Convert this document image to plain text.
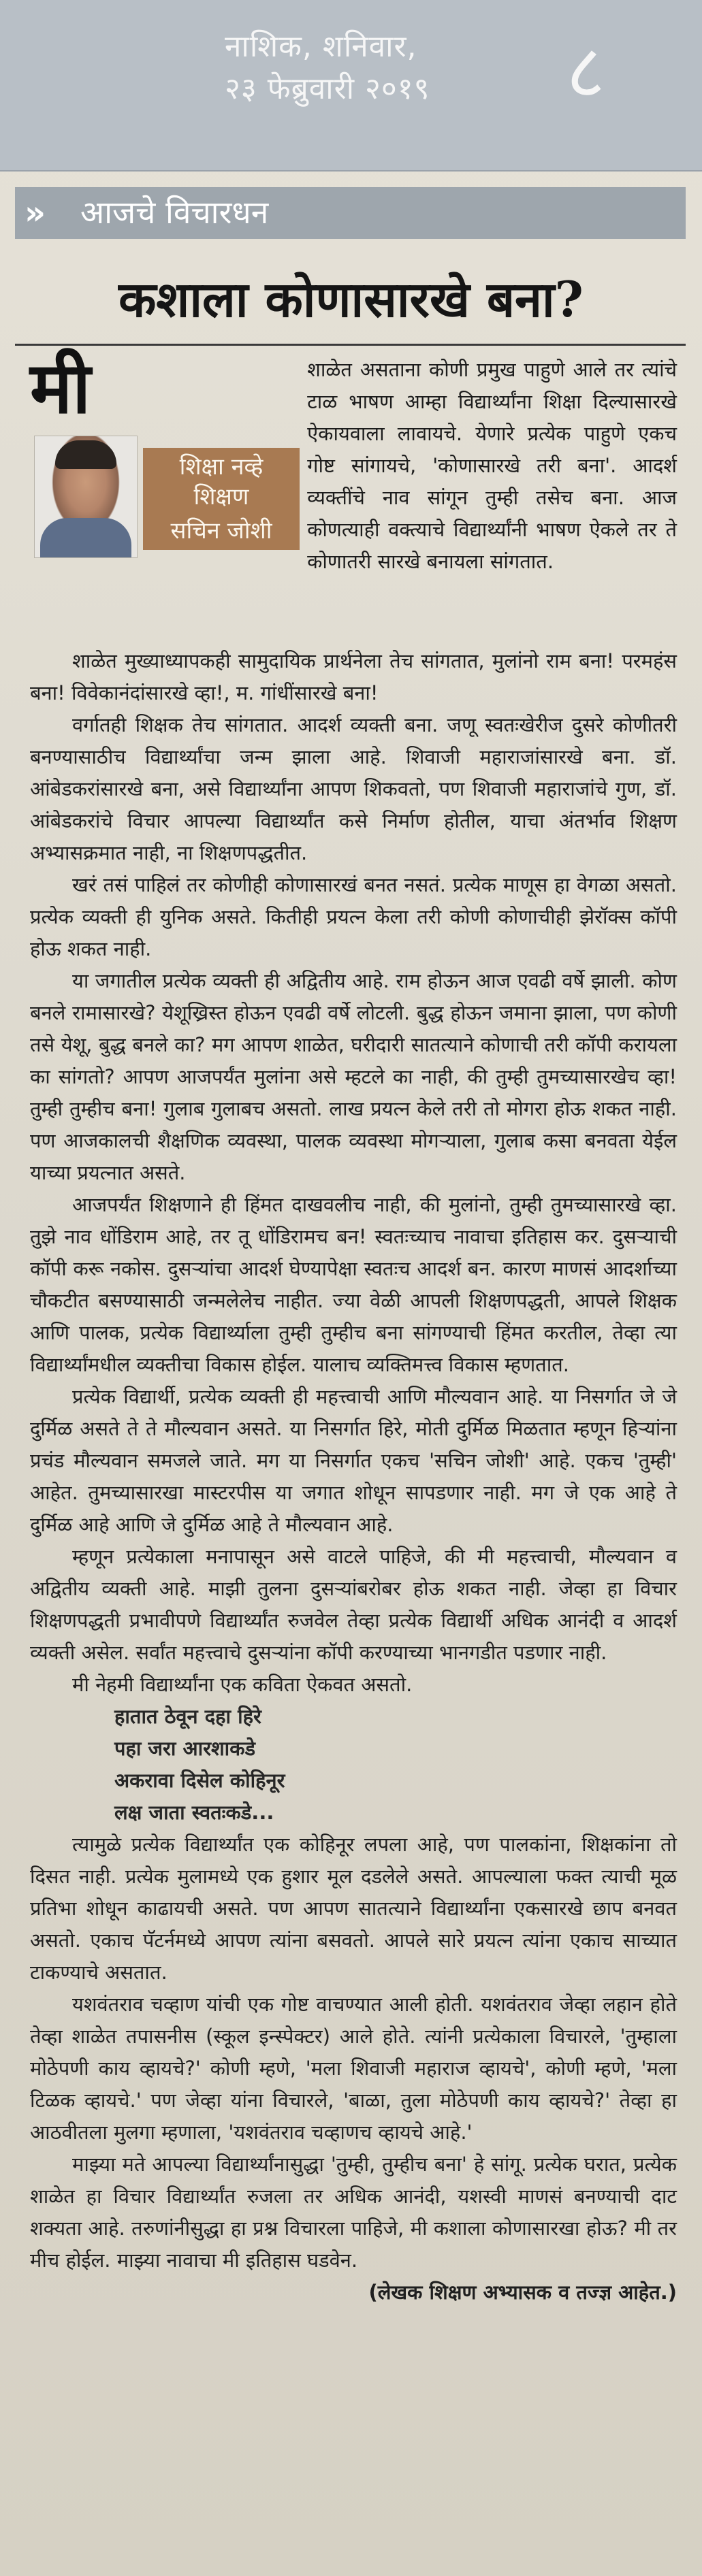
नाशिक, शनिवार,
२३ फेब्रुवारी २०१९	८
» आजचे विचारधन
कशाला कोणासारखे बना?
मी	शाळेत असताना कोणी प्रमुख पाहुणे आले तर त्यांचे टाळ भाषण आम्हा विद्यार्थ्यांना शिक्षा दिल्यासारखे ऐकायवाला लावायचे. येणारे प्रत्येक पाहुणे एकच गोष्ट सांगायचे, 'कोणासारखे तरी बना'. आदर्श व्यक्तींचे नाव सांगून तुम्ही तसेच बना. आज कोणत्याही वक्त्याचे विद्यार्थ्यांनी भाषण ऐकले तर ते कोणातरी सारखे बनायला सांगतात.
शिक्षा नव्हे
शिक्षण
सचिन जोशी

शाळेत मुख्याध्यापकही सामुदायिक प्रार्थनेला तेच सांगतात, मुलांनो राम बना! परमहंस बना! विवेकानंदांसारखे व्हा!, म. गांधींसारखे बना!

वर्गातही शिक्षक तेच सांगतात. आदर्श व्यक्ती बना. जणू स्वतःखेरीज दुसरे कोणीतरी बनण्यासाठीच विद्यार्थ्यांचा जन्म झाला आहे. शिवाजी महाराजांसारखे बना. डॉ. आंबेडकरांसारखे बना, असे विद्यार्थ्यांना आपण शिकवतो, पण शिवाजी महाराजांचे गुण, डॉ. आंबेडकरांचे विचार आपल्या विद्यार्थ्यांत कसे निर्माण होतील, याचा अंतर्भाव शिक्षण अभ्यासक्रमात नाही, ना शिक्षणपद्धतीत.

खरं तसं पाहिलं तर कोणीही कोणासारखं बनत नसतं. प्रत्येक माणूस हा वेगळा असतो. प्रत्येक व्यक्ती ही युनिक असते. कितीही प्रयत्न केला तरी कोणी कोणाचीही झेरॉक्स कॉपी होऊ शकत नाही.

या जगातील प्रत्येक व्यक्ती ही अद्वितीय आहे. राम होऊन आज एवढी वर्षे झाली. कोण बनले रामासारखे? येशूख्रिस्त होऊन एवढी वर्षे लोटली. बुद्ध होऊन जमाना झाला, पण कोणी तसे येशू, बुद्ध बनले का? मग आपण शाळेत, घरीदारी सातत्याने कोणाची तरी कॉपी करायला का सांगतो? आपण आजपर्यंत मुलांना असे म्हटले का नाही, की तुम्ही तुमच्यासारखेच व्हा! तुम्ही तुम्हीच बना! गुलाब गुलाबच असतो. लाख प्रयत्न केले तरी तो मोगरा होऊ शकत नाही. पण आजकालची शैक्षणिक व्यवस्था, पालक व्यवस्था मोगऱ्याला, गुलाब कसा बनवता येईल याच्या प्रयत्नात असते.

आजपर्यंत शिक्षणाने ही हिंमत दाखवलीच नाही, की मुलांनो, तुम्ही तुमच्यासारखे व्हा. तुझे नाव धोंडिराम आहे, तर तू धोंडिरामच बन! स्वतःच्याच नावाचा इतिहास कर. दुसऱ्याची कॉपी करू नकोस. दुसऱ्यांचा आदर्श घेण्यापेक्षा स्वतःच आदर्श बन. कारण माणसं आदर्शाच्या चौकटीत बसण्यासाठी जन्मलेलेच नाहीत. ज्या वेळी आपली शिक्षणपद्धती, आपले शिक्षक आणि पालक, प्रत्येक विद्यार्थ्याला तुम्ही तुम्हीच बना सांगण्याची हिंमत करतील, तेव्हा त्या विद्यार्थ्यांमधील व्यक्तीचा विकास होईल. यालाच व्यक्तिमत्त्व विकास म्हणतात.

प्रत्येक विद्यार्थी, प्रत्येक व्यक्ती ही महत्त्वाची आणि मौल्यवान आहे. या निसर्गात जे जे दुर्मिळ असते ते ते मौल्यवान असते. या निसर्गात हिरे, मोती दुर्मिळ मिळतात म्हणून हिऱ्यांना प्रचंड मौल्यवान समजले जाते. मग या निसर्गात एकच 'सचिन जोशी' आहे. एकच 'तुम्ही' आहेत. तुमच्यासारखा मास्टरपीस या जगात शोधून सापडणार नाही. मग जे एक आहे ते दुर्मिळ आहे आणि जे दुर्मिळ आहे ते मौल्यवान आहे.

म्हणून प्रत्येकाला मनापासून असे वाटले पाहिजे, की मी महत्त्वाची, मौल्यवान व अद्वितीय व्यक्ती आहे. माझी तुलना दुसऱ्यांबरोबर होऊ शकत नाही. जेव्हा हा विचार शिक्षणपद्धती प्रभावीपणे विद्यार्थ्यांत रुजवेल तेव्हा प्रत्येक विद्यार्थी अधिक आनंदी व आदर्श व्यक्ती असेल. सर्वांत महत्त्वाचे दुसऱ्यांना कॉपी करण्याच्या भानगडीत पडणार नाही.

मी नेहमी विद्यार्थ्यांना एक कविता ऐकवत असतो.

हातात ठेवून दहा हिरे

पहा जरा आरशाकडे

अकरावा दिसेल कोहिनूर

लक्ष जाता स्वतःकडे...

त्यामुळे प्रत्येक विद्यार्थ्यांत एक कोहिनूर लपला आहे, पण पालकांना, शिक्षकांना तो दिसत नाही. प्रत्येक मुलामध्ये एक हुशार मूल दडलेले असते. आपल्याला फक्त त्याची मूळ प्रतिभा शोधून काढायची असते. पण आपण सातत्याने विद्यार्थ्यांना एकसारखे छाप बनवत असतो. एकाच पॅटर्नमध्ये आपण त्यांना बसवतो. आपले सारे प्रयत्न त्यांना एकाच साच्यात टाकण्याचे असतात.

यशवंतराव चव्हाण यांची एक गोष्ट वाचण्यात आली होती. यशवंतराव जेव्हा लहान होते तेव्हा शाळेत तपासनीस (स्कूल इन्स्पेक्टर) आले होते. त्यांनी प्रत्येकाला विचारले, 'तुम्हाला मोठेपणी काय व्हायचे?' कोणी म्हणे, 'मला शिवाजी महाराज व्हायचे', कोणी म्हणे, 'मला टिळक व्हायचे.' पण जेव्हा यांना विचारले, 'बाळा, तुला मोठेपणी काय व्हायचे?' तेव्हा हा आठवीतला मुलगा म्हणाला, 'यशवंतराव चव्हाणच व्हायचे आहे.'

माझ्या मते आपल्या विद्यार्थ्यांनासुद्धा 'तुम्ही, तुम्हीच बना' हे सांगू. प्रत्येक घरात, प्रत्येक शाळेत हा विचार विद्यार्थ्यांत रुजला तर अधिक आनंदी, यशस्वी माणसं बनण्याची दाट शक्यता आहे. तरुणांनीसुद्धा हा प्रश्न विचारला पाहिजे, मी कशाला कोणासारखा होऊ? मी तर मीच होईल. माझ्या नावाचा मी इतिहास घडवेन.

(लेखक शिक्षण अभ्यासक व तज्ज्ञ आहेत.)
